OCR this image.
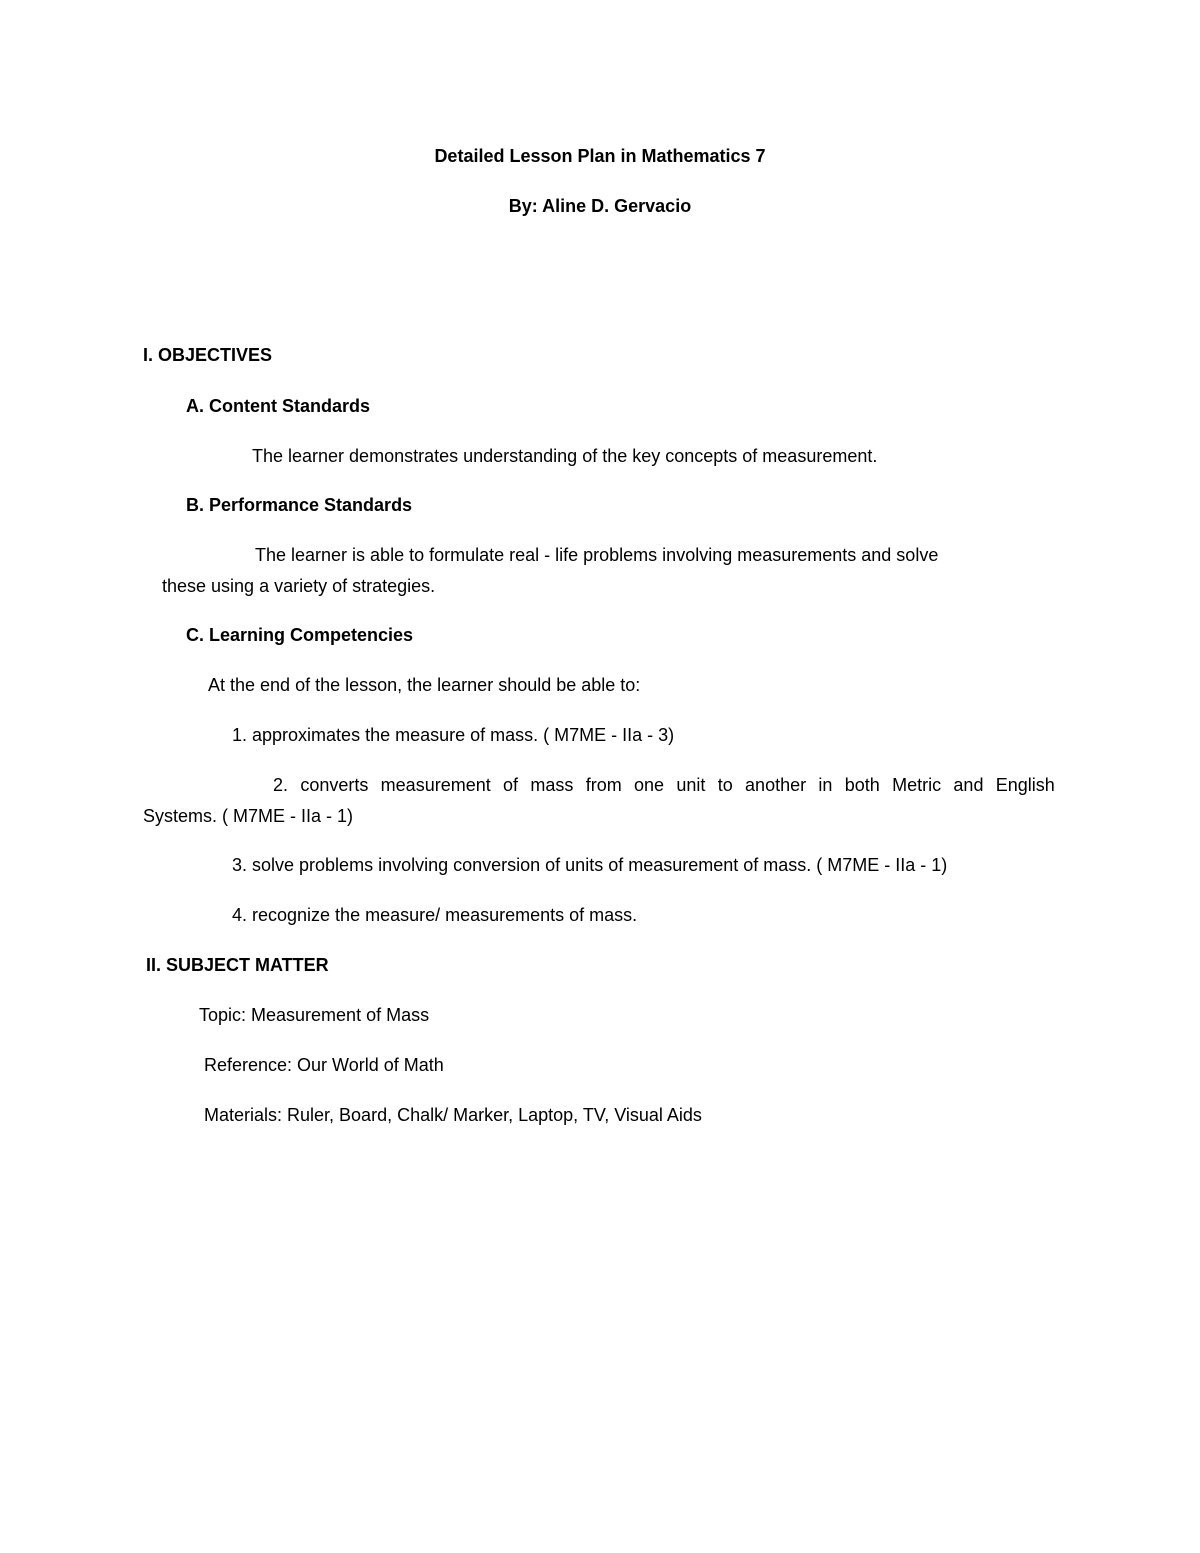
Detailed Lesson Plan in Mathematics 7
By: Aline D. Gervacio
I. OBJECTIVES
A. Content Standards
The learner demonstrates understanding of the key concepts of measurement.
B. Performance Standards
The learner is able to formulate real - life problems involving measurements and solve
these using a variety of strategies.
C. Learning Competencies
At the end of the lesson, the learner should be able to:
1. approximates the measure of mass. ( M7ME - IIa - 3)
2. converts measurement of mass from one unit to another in both Metric and English
Systems. ( M7ME - IIa - 1)
3. solve problems involving conversion of units of measurement of mass. ( M7ME - IIa - 1)
4. recognize the measure/ measurements of mass.
II. SUBJECT MATTER
Topic: Measurement of Mass
Reference: Our World of Math
Materials: Ruler, Board, Chalk/ Marker, Laptop, TV, Visual Aids
